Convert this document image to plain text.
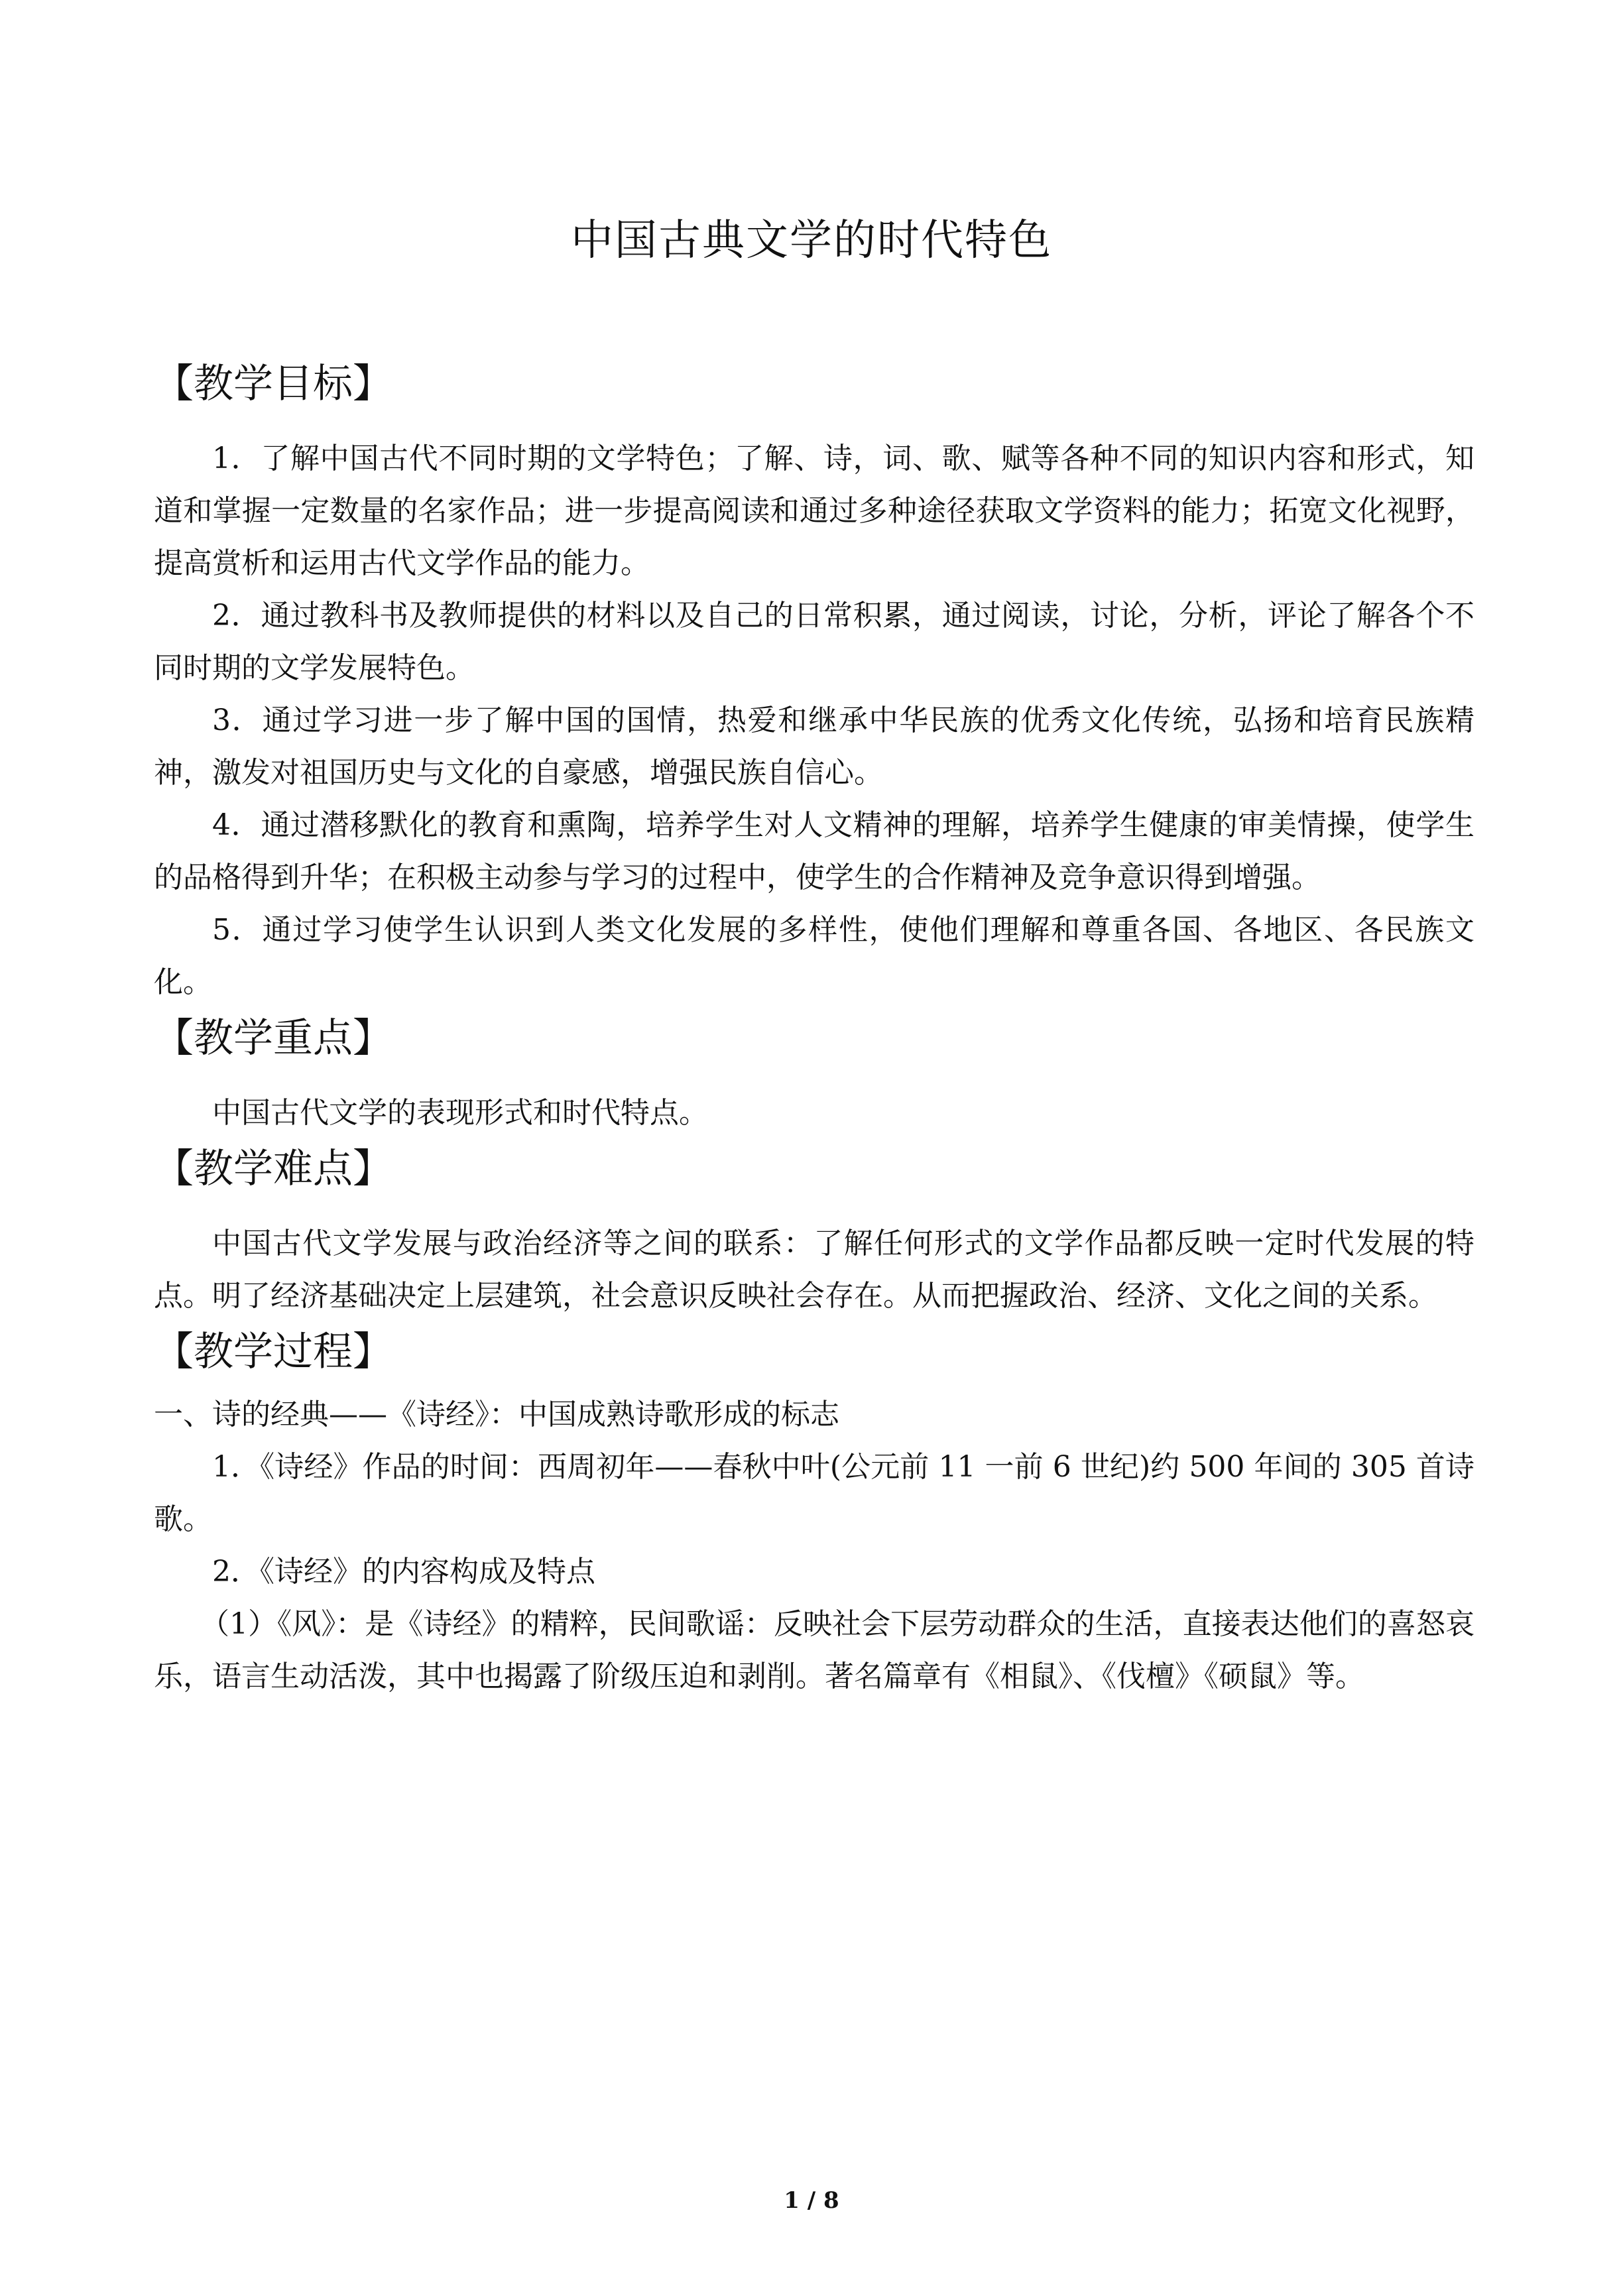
中国古典文学的时代特色
【教学目标】

1．了解中国古代不同时期的文学特色；了解、诗，词、歌、赋等各种不同的知识内容和形式，知道和掌握一定数量的名家作品；进一步提高阅读和通过多种途径获取文学资料的能力；拓宽文化视野，提高赏析和运用古代文学作品的能力。

2．通过教科书及教师提供的材料以及自己的日常积累，通过阅读，讨论，分析，评论了解各个不同时期的文学发展特色。

3．通过学习进一步了解中国的国情，热爱和继承中华民族的优秀文化传统，弘扬和培育民族精神，激发对祖国历史与文化的自豪感，增强民族自信心。

4．通过潜移默化的教育和熏陶，培养学生对人文精神的理解，培养学生健康的审美情操，使学生的品格得到升华；在积极主动参与学习的过程中，使学生的合作精神及竞争意识得到增强。

5．通过学习使学生认识到人类文化发展的多样性，使他们理解和尊重各国、各地区、各民族文化。

【教学重点】

中国古代文学的表现形式和时代特点。

【教学难点】

中国古代文学发展与政治经济等之间的联系：了解任何形式的文学作品都反映一定时代发展的特点。明了经济基础决定上层建筑，社会意识反映社会存在。从而把握政治、经济、文化之间的关系。

【教学过程】

一、诗的经典——《诗经》：中国成熟诗歌形成的标志

1．《诗经》作品的时间：西周初年——春秋中叶(公元前 11 一前 6 世纪)约 500 年间的 305 首诗歌。

2．《诗经》的内容构成及特点

（1）《风》：是《诗经》的精粹，民间歌谣：反映社会下层劳动群众的生活，直接表达他们的喜怒哀乐，语言生动活泼，其中也揭露了阶级压迫和剥削。著名篇章有《相鼠》、《伐檀》《硕鼠》等。

1 / 8
